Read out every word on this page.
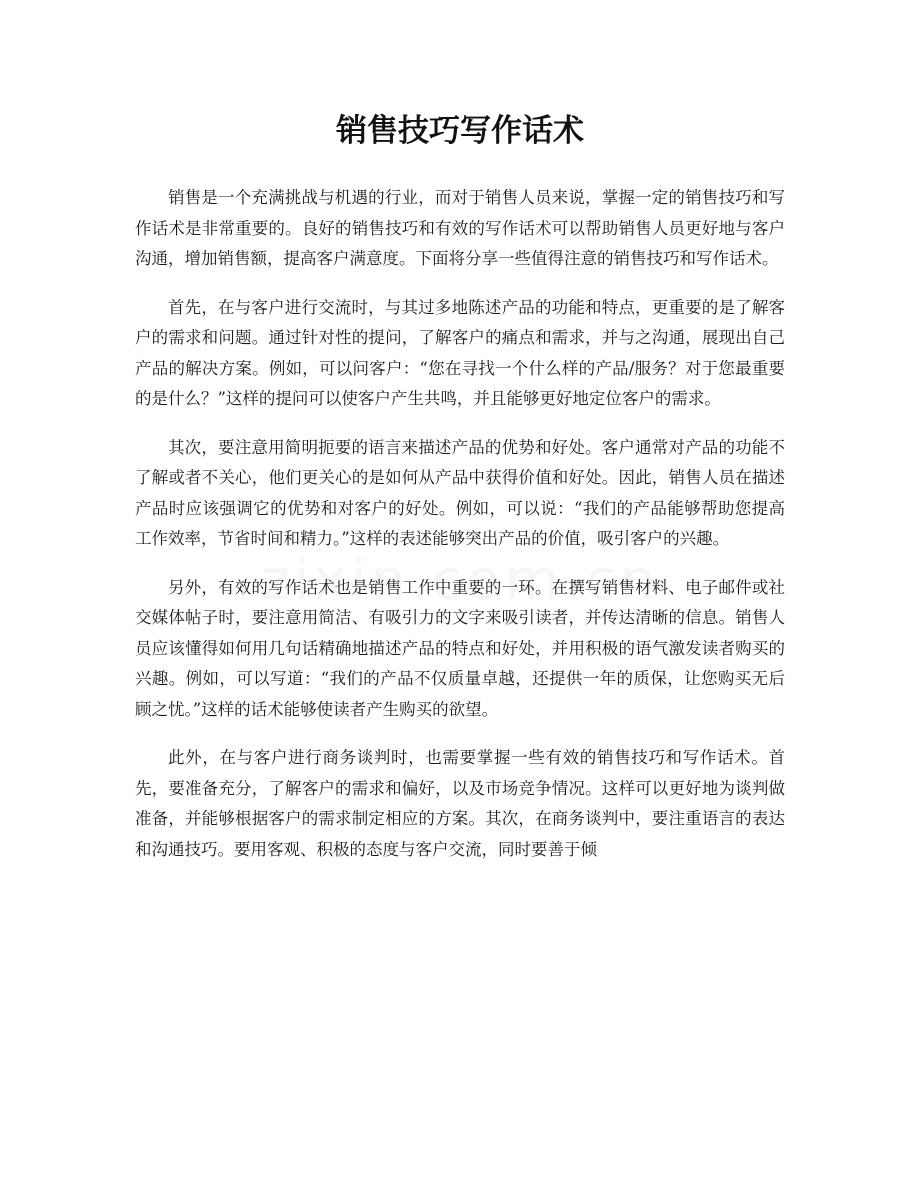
销售技巧写作话术

销售是一个充满挑战与机遇的行业，而对于销售人员来说，掌握一定的销售技巧和写作话术是非常重要的。良好的销售技巧和有效的写作话术可以帮助销售人员更好地与客户沟通，增加销售额，提高客户满意度。下面将分享一些值得注意的销售技巧和写作话术。

首先，在与客户进行交流时，与其过多地陈述产品的功能和特点，更重要的是了解客户的需求和问题。通过针对性的提问，了解客户的痛点和需求，并与之沟通，展现出自己产品的解决方案。例如，可以问客户：“您在寻找一个什么样的产品/服务？对于您最重要的是什么？”这样的提问可以使客户产生共鸣，并且能够更好地定位客户的需求。

其次，要注意用简明扼要的语言来描述产品的优势和好处。客户通常对产品的功能不了解或者不关心，他们更关心的是如何从产品中获得价值和好处。因此，销售人员在描述产品时应该强调它的优势和对客户的好处。例如，可以说：“我们的产品能够帮助您提高工作效率，节省时间和精力。”这样的表述能够突出产品的价值，吸引客户的兴趣。

另外，有效的写作话术也是销售工作中重要的一环。在撰写销售材料、电子邮件或社交媒体帖子时，要注意用简洁、有吸引力的文字来吸引读者，并传达清晰的信息。销售人员应该懂得如何用几句话精确地描述产品的特点和好处，并用积极的语气激发读者购买的兴趣。例如，可以写道：“我们的产品不仅质量卓越，还提供一年的质保，让您购买无后顾之忧。”这样的话术能够使读者产生购买的欲望。

此外，在与客户进行商务谈判时，也需要掌握一些有效的销售技巧和写作话术。首先，要准备充分，了解客户的需求和偏好，以及市场竞争情况。这样可以更好地为谈判做准备，并能够根据客户的需求制定相应的方案。其次，在商务谈判中，要注重语言的表达和沟通技巧。要用客观、积极的态度与客户交流，同时要善于倾
